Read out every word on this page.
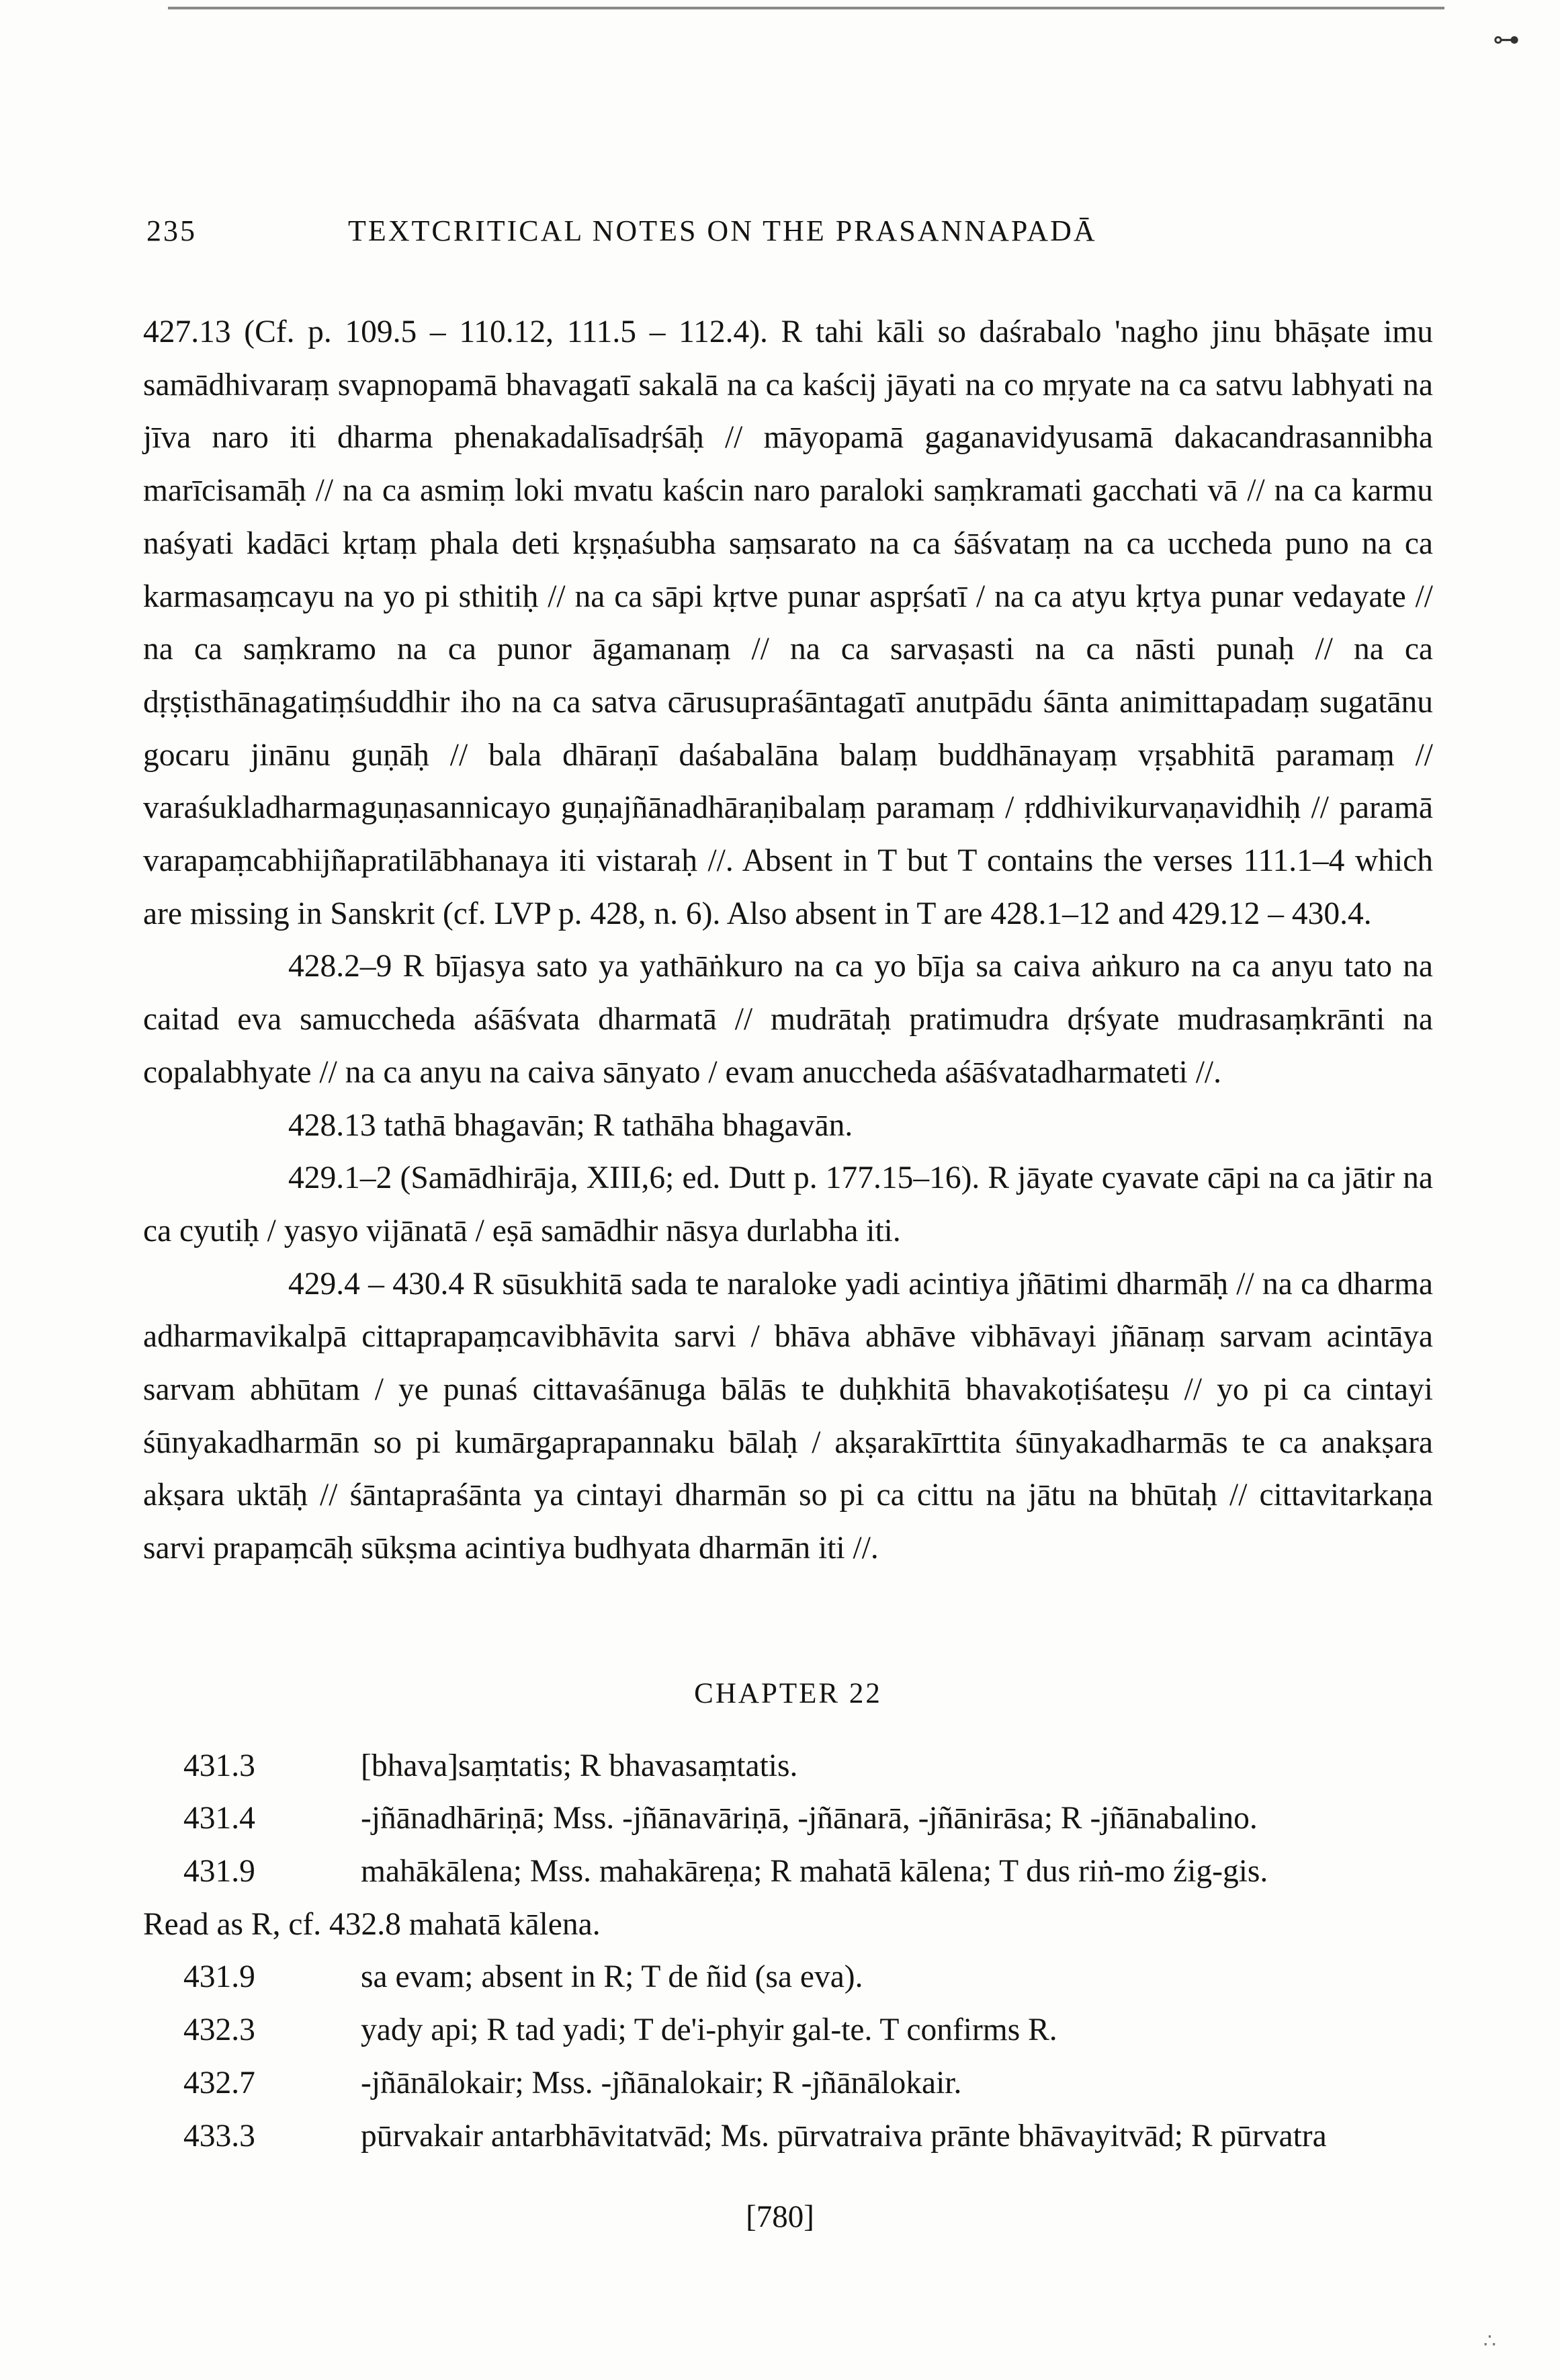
⊶
235	TEXTCRITICAL NOTES ON THE PRASANNAPADĀ

427.13 (Cf. p. 109.5 – 110.12, 111.5 – 112.4). R tahi kāli so daśrabalo 'nagho jinu bhāṣate imu samādhivaraṃ svapnopamā bhavagatī sakalā na ca kaścij jāyati na co mṛyate na ca satvu labhyati na jīva naro iti dharma phenakadalīsadṛśāḥ // māyopamā gaganavidyusamā dakacandrasannibha marīcisamāḥ // na ca asmiṃ loki mvatu kaścin naro paraloki saṃkramati gacchati vā // na ca karmu naśyati kadāci kṛtaṃ phala deti kṛṣṇaśubha saṃsarato na ca śāśvataṃ na ca uccheda puno na ca karmasaṃcayu na yo pi sthitiḥ // na ca sāpi kṛtve punar aspṛśatī / na ca atyu kṛtya punar vedayate // na ca saṃkramo na ca punor āgamanaṃ // na ca sarvaṣasti na ca nāsti punaḥ // na ca dṛṣṭisthānagatiṃśuddhir iho na ca satva cārusupraśāntagatī anutpādu śānta animittapadaṃ sugatānu gocaru jinānu guṇāḥ // bala dhāraṇī daśabalāna balaṃ buddhānayaṃ vṛṣabhitā paramaṃ // varaśukladharmaguṇasannicayo guṇajñānadhāraṇibalaṃ paramaṃ / ṛddhivikurvaṇavidhiḥ // paramā varapaṃcabhijñapratilābhanaya iti vistaraḥ //. Absent in T but T contains the verses 111.1–4 which are missing in Sanskrit (cf. LVP p. 428, n. 6). Also absent in T are 428.1–12 and 429.12 – 430.4.

428.2–9 R bījasya sato ya yathāṅkuro na ca yo bīja sa caiva aṅkuro na ca anyu tato na caitad eva samuccheda aśāśvata dharmatā // mudrātaḥ pratimudra dṛśyate mudrasaṃkrānti na copalabhyate // na ca anyu na caiva sānyato / evam anuccheda aśāśvatadharmateti //.

428.13 tathā bhagavān; R tathāha bhagavān.

429.1–2 (Samādhirāja, XIII,6; ed. Dutt p. 177.15–16). R jāyate cyavate cāpi na ca jātir na ca cyutiḥ / yasyo vijānatā / eṣā samādhir nāsya durlabha iti.

429.4 – 430.4 R sūsukhitā sada te naraloke yadi acintiya jñātimi dharmāḥ // na ca dharma adharmavikalpā cittaprapaṃcavibhāvita sarvi / bhāva abhāve vibhāvayi jñānaṃ sarvam acintāya sarvam abhūtam / ye punaś cittavaśānuga bālās te duḥkhitā bhavakoṭiśateṣu // yo pi ca cintayi śūnyakadharmān so pi kumārgaprapannaku bālaḥ / akṣarakīrttita śūnyakadharmās te ca anakṣara akṣara uktāḥ // śāntapraśānta ya cintayi dharmān so pi ca cittu na jātu na bhūtaḥ // cittavitarkaṇa sarvi prapaṃcāḥ sūkṣma acintiya budhyata dharmān iti //.

CHAPTER 22
431.3	[bhava]saṃtatis; R bhavasaṃtatis.
431.4	-jñānadhāriṇā; Mss. -jñānavāriṇā, -jñānarā, -jñānirāsa; R -jñānabalino.
431.9	mahākālena; Mss. mahakāreṇa; R mahatā kālena; T dus riṅ-mo źig-gis.
Read as R, cf. 432.8 mahatā kālena.
431.9	sa evam; absent in R; T de ñid (sa eva).
432.3	yady api; R tad yadi; T de'i-phyir gal-te. T confirms R.
432.7	-jñānālokair; Mss. -jñānalokair; R -jñānālokair.
433.3	pūrvakair antarbhāvitatvād; Ms. pūrvatraiva prānte bhāvayitvād; R pūrvatra
[780]
∴
